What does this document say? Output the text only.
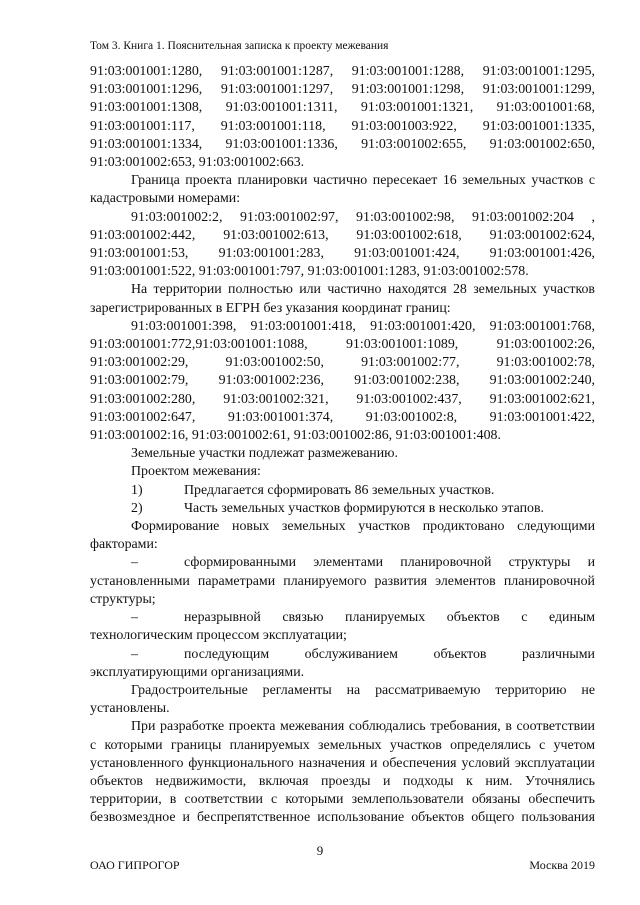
Том 3. Книга 1. Пояснительная записка к проекту межевания
91:03:001001:1280, 91:03:001001:1287, 91:03:001001:1288, 91:03:001001:1295,
91:03:001001:1296, 91:03:001001:1297, 91:03:001001:1298, 91:03:001001:1299,
91:03:001001:1308, 91:03:001001:1311, 91:03:001001:1321, 91:03:001001:68,
91:03:001001:117, 91:03:001001:118, 91:03:001003:922, 91:03:001001:1335,
91:03:001001:1334, 91:03:001001:1336, 91:03:001002:655, 91:03:001002:650,
91:03:001002:653, 91:03:001002:663.
Граница проекта планировки частично пересекает 16 земельных участков с
кадастровыми номерами:
91:03:001002:2, 91:03:001002:97, 91:03:001002:98, 91:03:001002:204 ,
91:03:001002:442, 91:03:001002:613, 91:03:001002:618, 91:03:001002:624,
91:03:001001:53, 91:03:001001:283, 91:03:001001:424, 91:03:001001:426,
91:03:001001:522, 91:03:001001:797, 91:03:001001:1283, 91:03:001002:578.
На территории полностью или частично находятся 28 земельных участков
зарегистрированных в ЕГРН без указания координат границ:
91:03:001001:398, 91:03:001001:418, 91:03:001001:420, 91:03:001001:768,
91:03:001001:772,91:03:001001:1088, 91:03:001001:1089, 91:03:001002:26,
91:03:001002:29, 91:03:001002:50, 91:03:001002:77, 91:03:001002:78,
91:03:001002:79, 91:03:001002:236, 91:03:001002:238, 91:03:001002:240,
91:03:001002:280, 91:03:001002:321, 91:03:001002:437, 91:03:001002:621,
91:03:001002:647, 91:03:001001:374, 91:03:001002:8, 91:03:001001:422,
91:03:001002:16, 91:03:001002:61, 91:03:001002:86, 91:03:001001:408.
Земельные участки подлежат размежеванию.
Проектом межевания:
1)	Предлагается сформировать 86 земельных участков.
2)	Часть земельных участков формируются в несколько этапов.
Формирование новых земельных участков продиктовано следующими
факторами:
–	сформированными элементами планировочной структуры и
установленными параметрами планируемого развития элементов планировочной
структуры;
–	неразрывной связью планируемых объектов с единым
технологическим процессом эксплуатации;
–	последующим обслуживанием объектов различными
эксплуатирующими организациями.
Градостроительные регламенты на рассматриваемую территорию не
установлены.
При разработке проекта межевания соблюдались требования, в соответствии
с которыми границы планируемых земельных участков определялись с учетом
установленного функционального назначения и обеспечения условий эксплуатации
объектов недвижимости, включая проезды и подходы к ним. Уточнялись
территории, в соответствии с которыми землепользователи обязаны обеспечить
безвозмездное и беспрепятственное использование объектов общего пользования
9
ОАО ГИПРОГОР	Москва 2019
